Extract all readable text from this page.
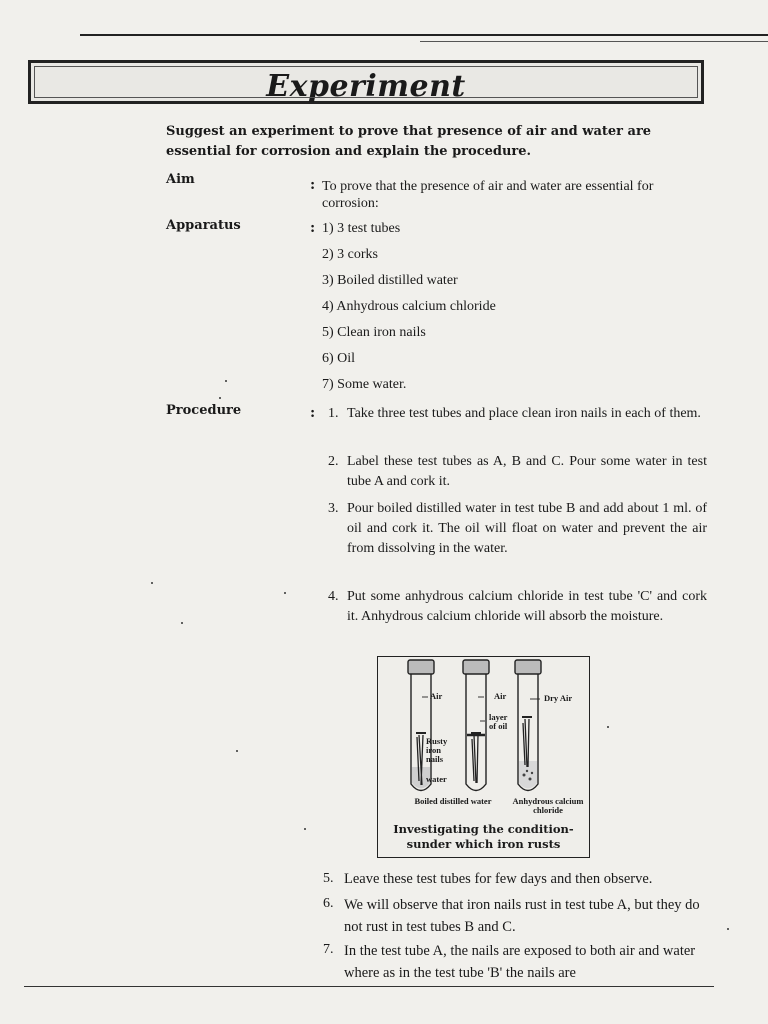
Experiment
Suggest an experiment to prove that presence of air and water are essential for corrosion and explain the procedure.
Aim	: To prove that the presence of air and water are essential for corrosion:
Apparatus	: 1) 3 test tubes
2) 3 corks
3) Boiled distilled water
4) Anhydrous calcium chloride
5) Clean iron nails
6) Oil
7) Some water.
Procedure	: 1. Take three test tubes and place clean iron nails in each of them.
2. Label these test tubes as A, B and C. Pour some water in test tube A and cork it.
3. Pour boiled distilled water in test tube B and add about 1 ml. of oil and cork it. The oil will float on water and prevent the air from dissolving in the water.
4. Put some anhydrous calcium chloride in test tube 'C' and cork it. Anhydrous calcium chloride will absorb the moisture.
Air	Air	Dry Air
layer of oil
Rusty iron nails
water
Boiled distilled water	Anhydrous calcium chloride
Investigating the condition-sunder which iron rusts
5. Leave these test tubes for few days and then observe.
6. We will observe that iron nails rust in test tube A, but they do not rust in test tubes B and C.
7. In the test tube A, the nails are exposed to both air and water where as in the test tube 'B' the nails are
